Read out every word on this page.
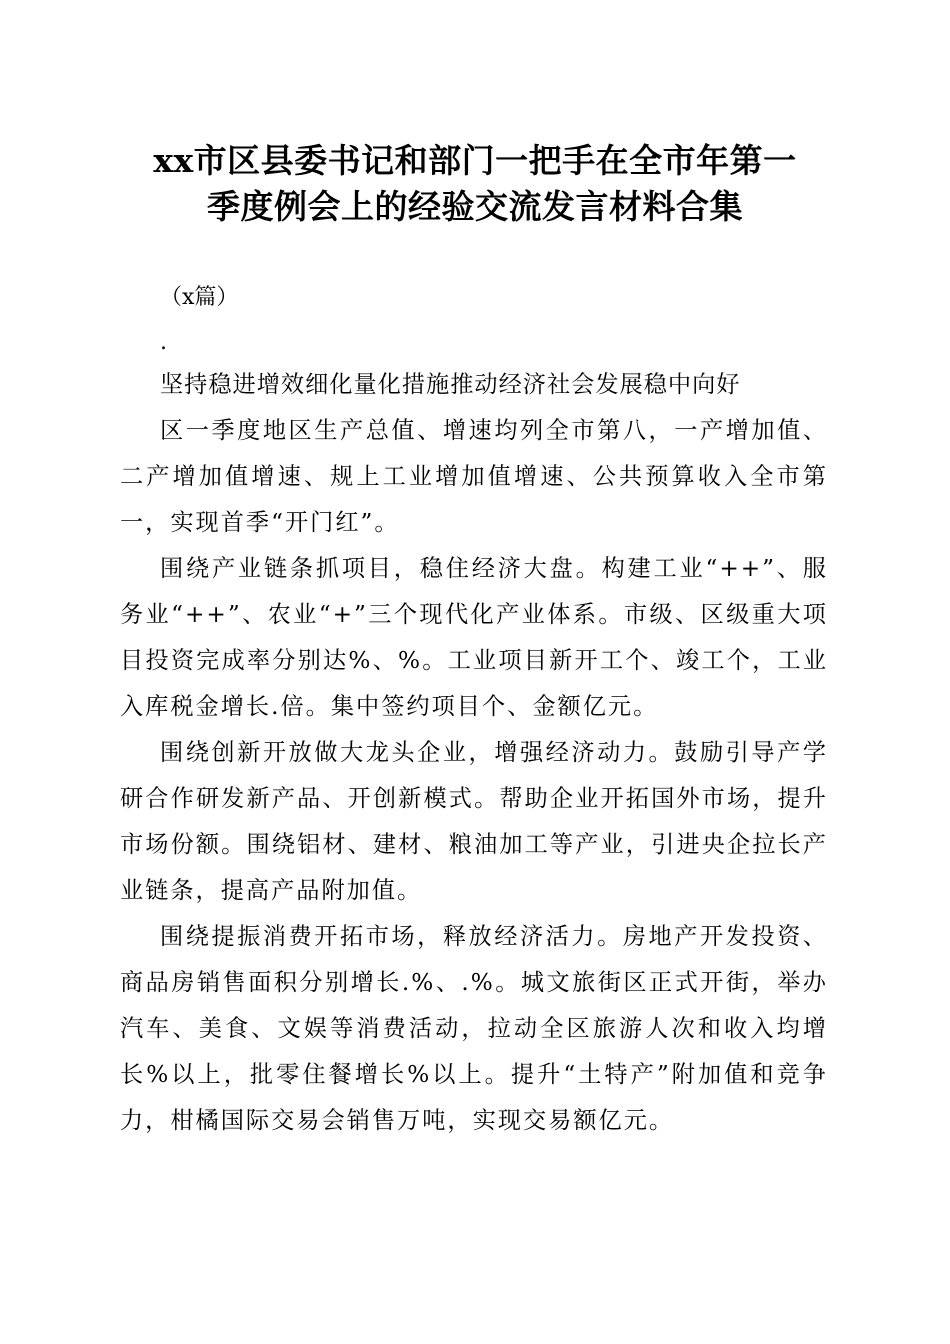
xx市区县委书记和部门一把手在全市年第一
季度例会上的经验交流发言材料合集

（x篇）

.

坚持稳进增效细化量化措施推动经济社会发展稳中向好

区一季度地区生产总值、增速均列全市第八，一产增加值、二产增加值增速、规上工业增加值增速、公共预算收入全市第一，实现首季“开门红”。

围绕产业链条抓项目，稳住经济大盘。构建工业“++”、服务业“++”、农业“+”三个现代化产业体系。市级、区级重大项目投资完成率分别达%、%。工业项目新开工个、竣工个，工业入库税金增长.倍。集中签约项目个、金额亿元。

围绕创新开放做大龙头企业，增强经济动力。鼓励引导产学研合作研发新产品、开创新模式。帮助企业开拓国外市场，提升市场份额。围绕铝材、建材、粮油加工等产业，引进央企拉长产业链条，提高产品附加值。

围绕提振消费开拓市场，释放经济活力。房地产开发投资、商品房销售面积分别增长.%、.%。城文旅街区正式开街，举办汽车、美食、文娱等消费活动，拉动全区旅游人次和收入均增长%以上，批零住餐增长%以上。提升“土特产”附加值和竞争力，柑橘国际交易会销售万吨，实现交易额亿元。
